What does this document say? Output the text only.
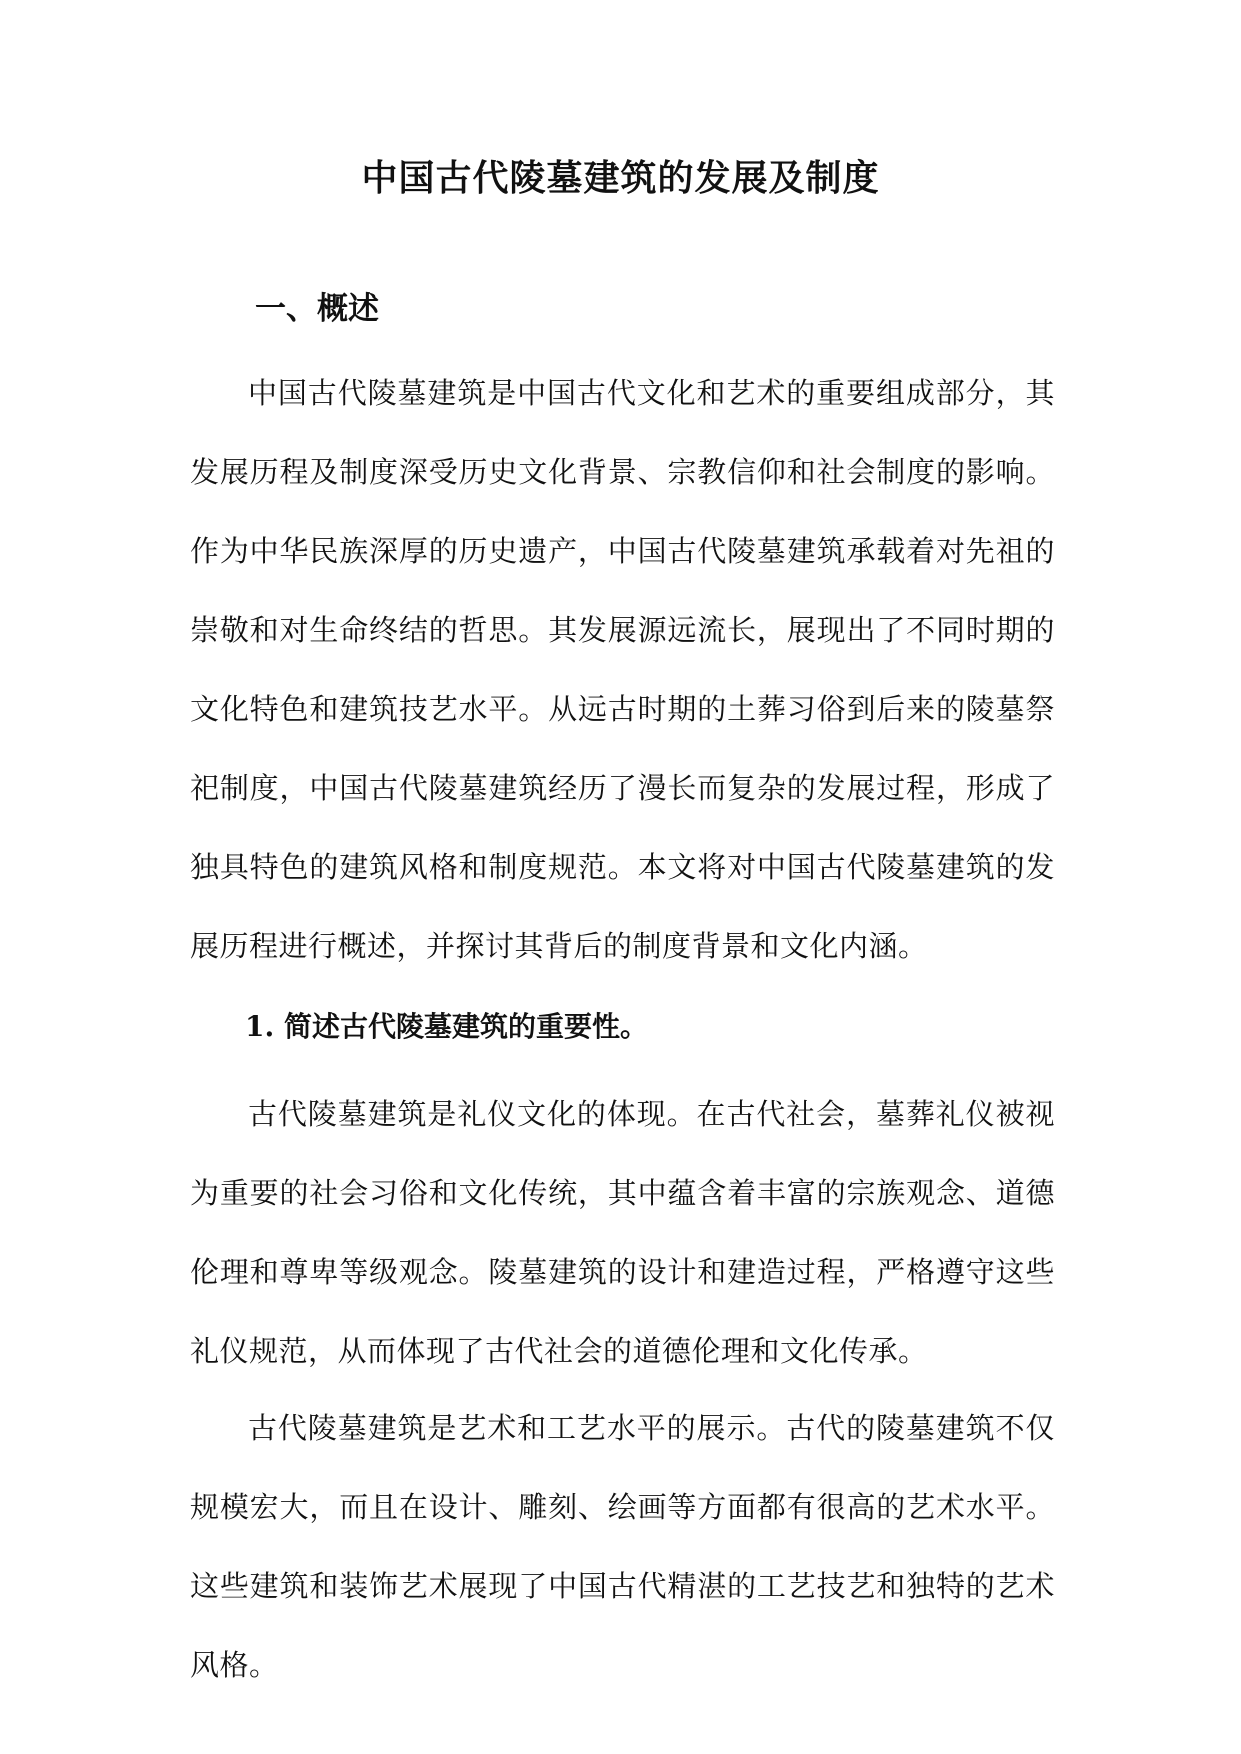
中国古代陵墓建筑的发展及制度
一、概述

中国古代陵墓建筑是中国古代文化和艺术的重要组成部分，其发展历程及制度深受历史文化背景、宗教信仰和社会制度的影响。作为中华民族深厚的历史遗产，中国古代陵墓建筑承载着对先祖的崇敬和对生命终结的哲思。其发展源远流长，展现出了不同时期的文化特色和建筑技艺水平。从远古时期的土葬习俗到后来的陵墓祭祀制度，中国古代陵墓建筑经历了漫长而复杂的发展过程，形成了独具特色的建筑风格和制度规范。本文将对中国古代陵墓建筑的发展历程进行概述，并探讨其背后的制度背景和文化内涵。

1. 简述古代陵墓建筑的重要性。

古代陵墓建筑是礼仪文化的体现。在古代社会，墓葬礼仪被视为重要的社会习俗和文化传统，其中蕴含着丰富的宗族观念、道德伦理和尊卑等级观念。陵墓建筑的设计和建造过程，严格遵守这些礼仪规范，从而体现了古代社会的道德伦理和文化传承。

古代陵墓建筑是艺术和工艺水平的展示。古代的陵墓建筑不仅规模宏大，而且在设计、雕刻、绘画等方面都有很高的艺术水平。这些建筑和装饰艺术展现了中国古代精湛的工艺技艺和独特的艺术风格。
